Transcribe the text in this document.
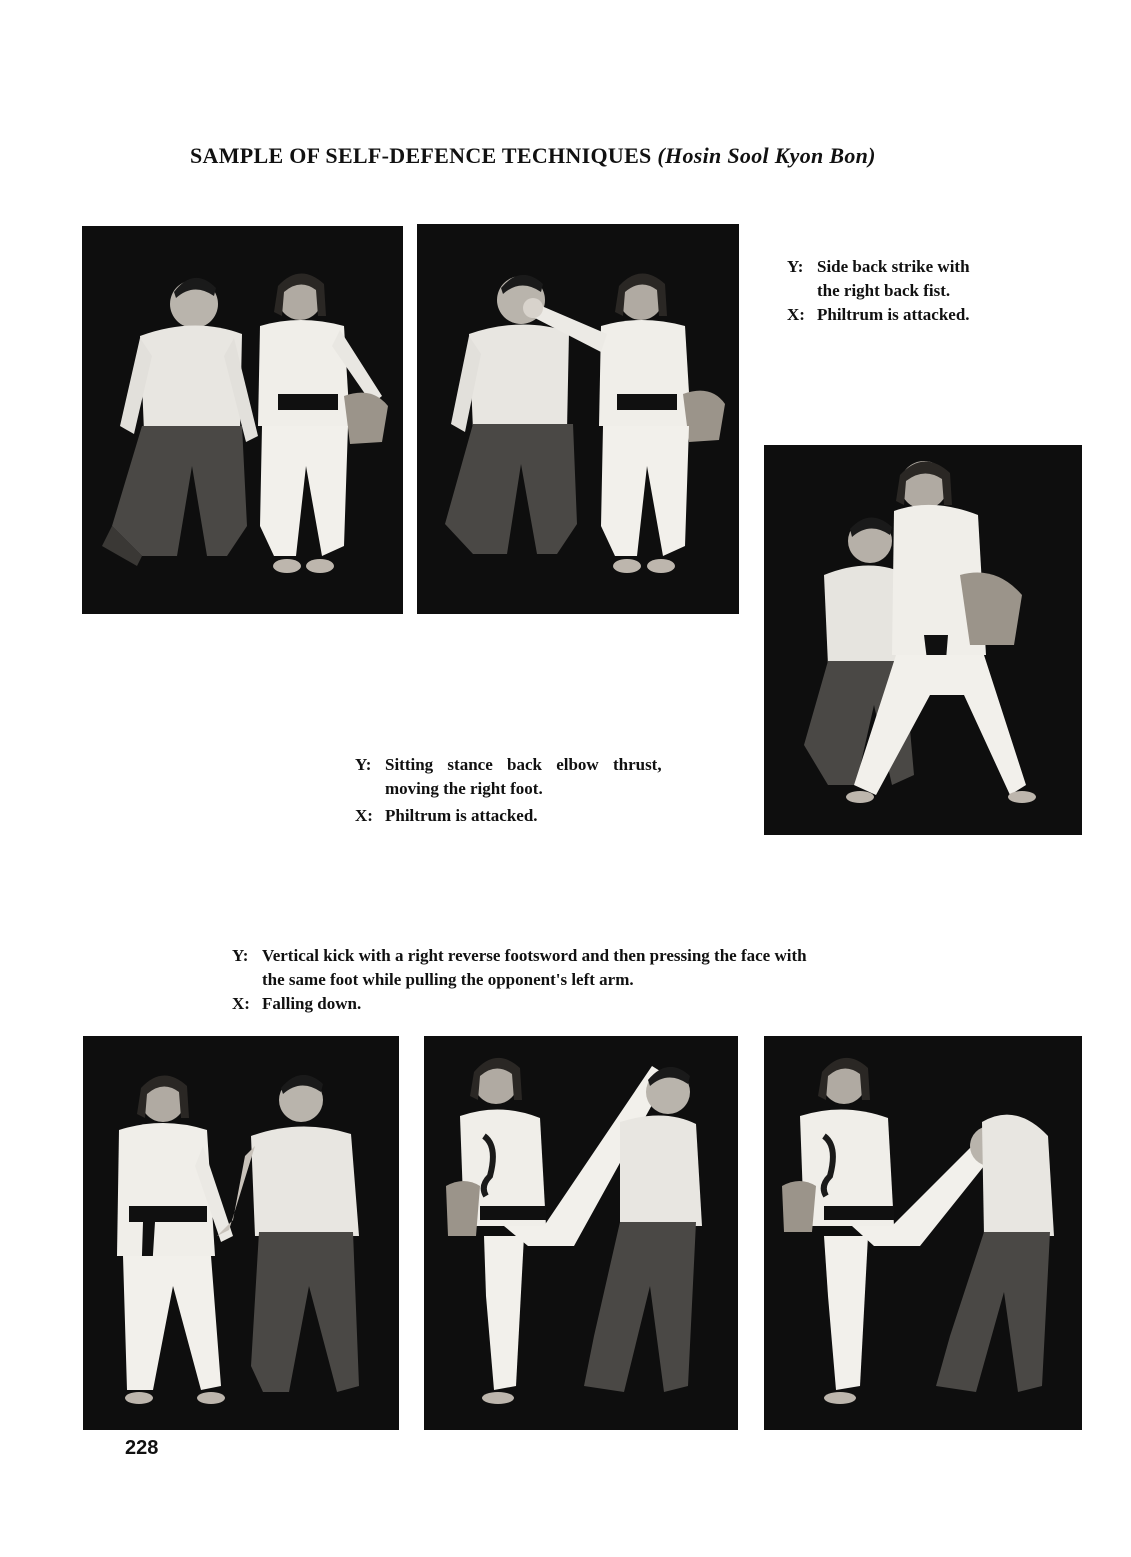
SAMPLE OF SELF-DEFENCE TECHNIQUES (Hosin Sool Kyon Bon)
Y: Side back strike with
the right back fist.
X: Philtrum is attacked.
Y: Sitting stance back elbow thrust,
moving the right foot.
X: Philtrum is attacked.
Y: Vertical kick with a right reverse footsword and then pressing the face with
the same foot while pulling the opponent's left arm.
X: Falling down.
228
